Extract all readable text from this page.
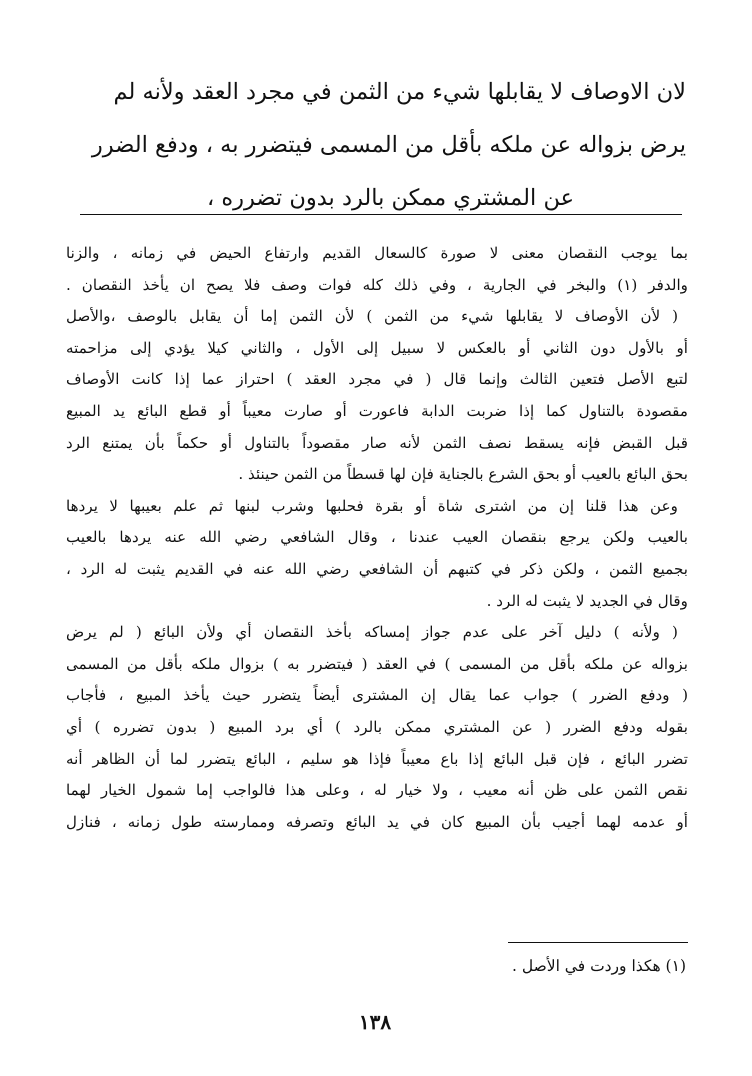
لان الاوصاف لا يقابلها شيء من الثمن في مجرد العقد ولأنه لم
يرض بزواله عن ملكه بأقل من المسمى فيتضرر به ، ودفع الضرر
عن المشتري ممكن بالرد بدون تضرره ،
بما يوجب النقصان معنى لا صورة كالسعال القديم وارتفاع الحيض في زمانه ، والزنا
والدفر (١) والبخر في الجارية ، وفي ذلك كله فوات وصف فلا يصح ان يأخذ النقصان .
( لأن الأوصاف لا يقابلها شيء من الثمن ) لأن الثمن إما أن يقابل بالوصف ،والأصل
أو بالأول دون الثاني أو بالعكس لا سبيل إلى الأول ، والثاني كيلا يؤدي إلى مزاحمته
لتبع الأصل فتعين الثالث وإنما قال ( في مجرد العقد ) احتراز عما إذا كانت الأوصاف
مقصودة بالتناول كما إذا ضربت الدابة فاعورت أو صارت معيباً أو قطع البائع يد المبيع
قبل القبض فإنه يسقط نصف الثمن لأنه صار مقصوداً بالتناول أو حكماً بأن يمتنع الرد
بحق البائع بالعيب أو بحق الشرع بالجناية فإن لها قسطاً من الثمن حينئذ .
وعن هذا قلنا إن من اشترى شاة أو بقرة فحلبها وشرب لبنها ثم علم بعيبها لا يردها
بالعيب ولكن يرجع بنقصان العيب عندنا ، وقال الشافعي رضي الله عنه يردها بالعيب
بجميع الثمن ، ولكن ذكر في كتبهم أن الشافعي رضي الله عنه في القديم يثبت له الرد ،
وقال في الجديد لا يثبت له الرد .
( ولأنه ) دليل آخر على عدم جواز إمساكه بأخذ النقصان أي ولأن البائع ( لم يرض
بزواله عن ملكه بأقل من المسمى ) في العقد ( فيتضرر به ) بزوال ملكه بأقل من المسمى
( ودفع الضرر ) جواب عما يقال إن المشترى أيضاً يتضرر حيث يأخذ المبيع ، فأجاب
بقوله ودفع الضرر ( عن المشتري ممكن بالرد ) أي برد المبيع ( بدون تضرره ) أي
تضرر البائع ، فإن قبل البائع إذا باع معيباً فإذا هو سليم ، البائع يتضرر لما أن الظاهر أنه
نقص الثمن على ظن أنه معيب ، ولا خيار له ، وعلى هذا فالواجب إما شمول الخيار لهما
أو عدمه لهما أجيب بأن المبيع كان في يد البائع وتصرفه وممارسته طول زمانه ، فنازل
(١) هكذا وردت في الأصل .
١٣٨
